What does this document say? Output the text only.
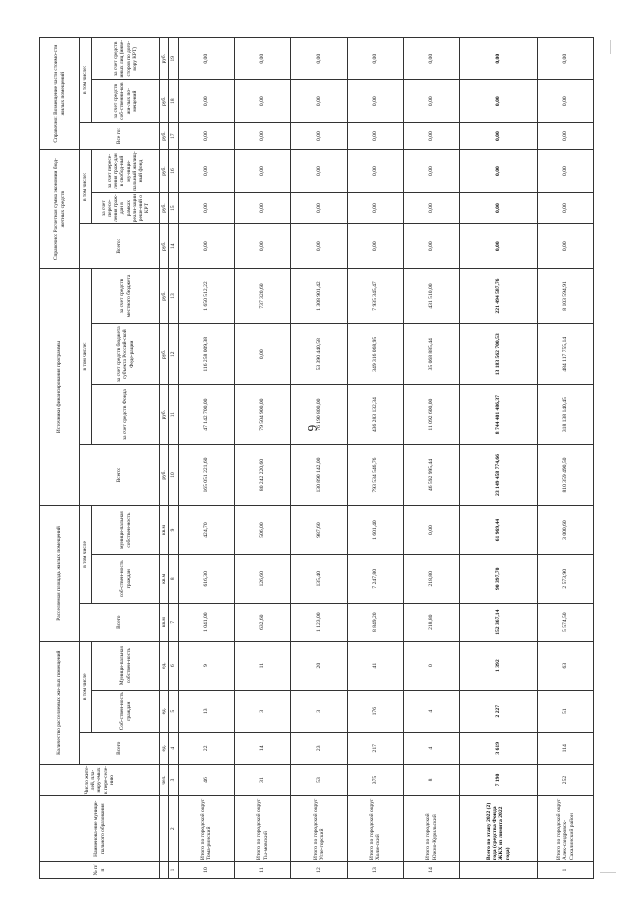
6
№ п/ п	Наименова-ние муници-пального образования	Число жите-лей, пла-ниру-емых к пере-селе-нию	Количество расселяемых жи-лых помещений			Расселяемая площадь жилых помещений			Источники финансирования программы				Справочно: Расчетная сумма экономии бюд-жетных средств			Справочно: Возмещение части стоимо-сти жилых помещений		
			Всего	в том числе		Всего	в том числе		Всего:	в том числе:			Всего:	в том числе:		Все го:	в том числе:	
				Соб-ствен-ность граждан	Муници-пальная собствен-ность		соб-ствен-ность граждан	муници-пальная собствен-ность		за счет средств Фонда	за счет средств бюджета субъекта Россий-ской Феде-рации	за счет средств местного бюджета		за счет пересе-ления граж-дан в рамках реали-зации реше-ний о КРТ	за счет пересе-ления граж-дан в свобод-ный му-ници-пальный жилищ-ный фонд		за счет средств соб-ственни-ков жи-лых по-мещений	за счет средств иных лиц (инве-сторов по дого-вору КРТ)
		чел.	ед.	ед.	ед.	кв.м	кв.м	кв.м	руб.	руб.	руб.	руб.	руб.	руб.	руб.	руб.	руб.	руб.
1	2	3	4	5	6	7	8	9	10	11	12	13	14	15	16	17	18	19
10	Итого по городской округ Тома-ринский	46	22	13	9	1 041,00	616,30	424,70	165 051 221,60	47 142 700,00	116 258 009,38	1 650 512,22	0,00	0,00	0,00	0,00	0,00	0,00
11	Итого по городской округ Ты-мовский	31	14	3	11	632,60	126,60	506,00	80 242 220,60	79 504 900,00	0,00	737 320,60	0,00	0,00	0,00	0,00	0,00	0,00
12	Итого по городской округ Угле-горский	53	23	3	20	1 123,00	135,40	987,60	130 890 142,00	76 190 800,00	53 390 440,58	1 308 901,42	0,00	0,00	0,00	0,00	0,00	0,00
13	Итого по городской округ Холм-ский	375	217	176	41	8 849,20	7 247,80	1 601,40	793 534 546,76	436 283 132,34	349 316 068,95	7 935 345,47	0,00	0,00	0,00	0,00	0,00	0,00
14	Итого по городской Южно-Курильский	8	4	4	0	218,80	218,80	0,00	46 592 995,44	11 092 600,00	35 068 885,44	431 510,00	0,00	0,00	0,00	0,00	0,00	0,00
	Всего по этапу 2022 (2) года (средства Фонда ЖКХ из лимита 2022 года)	7 190	3 619	2 227	1 392	152 367,14	90 397,70	61 969,44	23 149 458 774,66	8 744 401 486,37	13 183 562 700,53	221 494 587,76	0,00	0,00	0,00	0,00	0,00	0,00
1	Итого по городской округ Алек-сандровск-Сахалинский район	252	114	51	63	5 574,50	2 573,90	3 000,60	810 359 490,50	318 138 140,45	484 117 755,14	8 103 594,91	0,00	0,00	0,00	0,00	0,00	0,00
